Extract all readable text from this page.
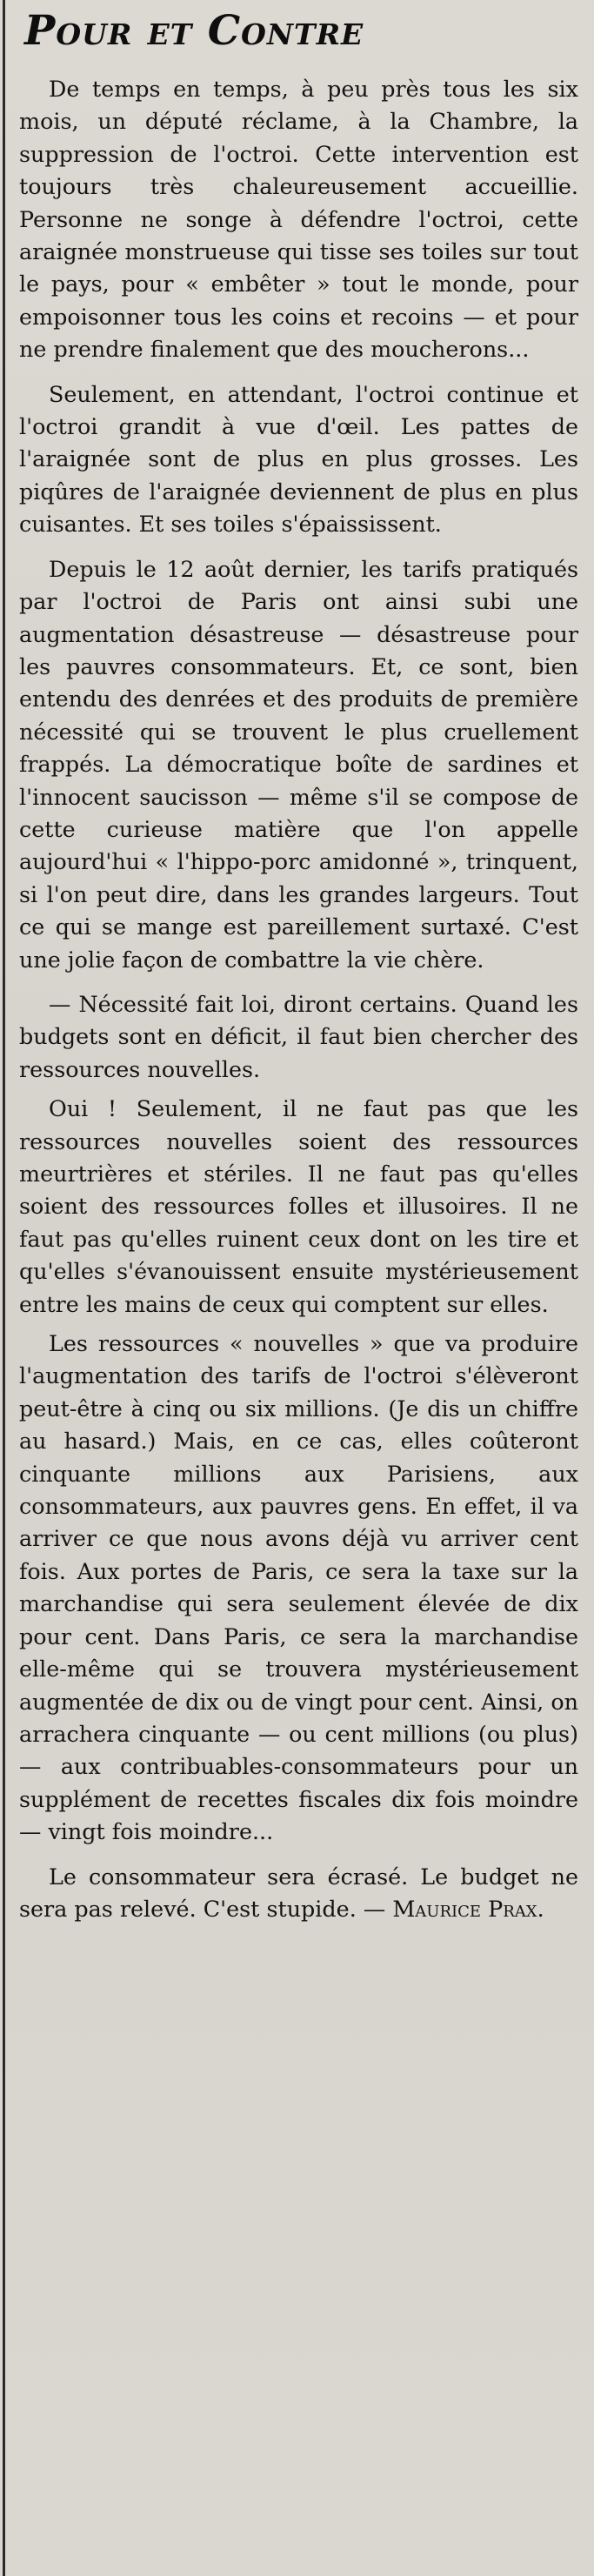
Pour et Contre

De temps en temps, à peu près tous les six mois, un député réclame, à la Chambre, la suppression de l'octroi. Cette intervention est toujours très chaleureusement accueillie. Personne ne songe à défendre l'octroi, cette araignée monstrueuse qui tisse ses toiles sur tout le pays, pour « embêter » tout le monde, pour empoisonner tous les coins et recoins — et pour ne prendre finalement que des moucherons...

Seulement, en attendant, l'octroi continue et l'octroi grandit à vue d'œil. Les pattes de l'araignée sont de plus en plus grosses. Les piqûres de l'araignée deviennent de plus en plus cuisantes. Et ses toiles s'épaississent.

Depuis le 12 août dernier, les tarifs pratiqués par l'octroi de Paris ont ainsi subi une augmentation désastreuse — désastreuse pour les pauvres consommateurs. Et, ce sont, bien entendu des denrées et des produits de première nécessité qui se trouvent le plus cruellement frappés. La démocratique boîte de sardines et l'innocent saucisson — même s'il se compose de cette curieuse matière que l'on appelle aujourd'hui « l'hippo-porc amidonné », trinquent, si l'on peut dire, dans les grandes largeurs. Tout ce qui se mange est pareillement surtaxé. C'est une jolie façon de combattre la vie chère.

— Nécessité fait loi, diront certains. Quand les budgets sont en déficit, il faut bien chercher des ressources nouvelles.

Oui ! Seulement, il ne faut pas que les ressources nouvelles soient des ressources meurtrières et stériles. Il ne faut pas qu'elles soient des ressources folles et illusoires. Il ne faut pas qu'elles ruinent ceux dont on les tire et qu'elles s'évanouissent ensuite mystérieusement entre les mains de ceux qui comptent sur elles.

Les ressources « nouvelles » que va produire l'augmentation des tarifs de l'octroi s'élèveront peut-être à cinq ou six millions. (Je dis un chiffre au hasard.) Mais, en ce cas, elles coûteront cinquante millions aux Parisiens, aux consommateurs, aux pauvres gens. En effet, il va arriver ce que nous avons déjà vu arriver cent fois. Aux portes de Paris, ce sera la taxe sur la marchandise qui sera seulement élevée de dix pour cent. Dans Paris, ce sera la marchandise elle-même qui se trouvera mystérieusement augmentée de dix ou de vingt pour cent. Ainsi, on arrachera cinquante — ou cent millions (ou plus) — aux contribuables-consommateurs pour un supplément de recettes fiscales dix fois moindre — vingt fois moindre...

Le consommateur sera écrasé. Le budget ne sera pas relevé. C'est stupide. — Maurice Prax.
